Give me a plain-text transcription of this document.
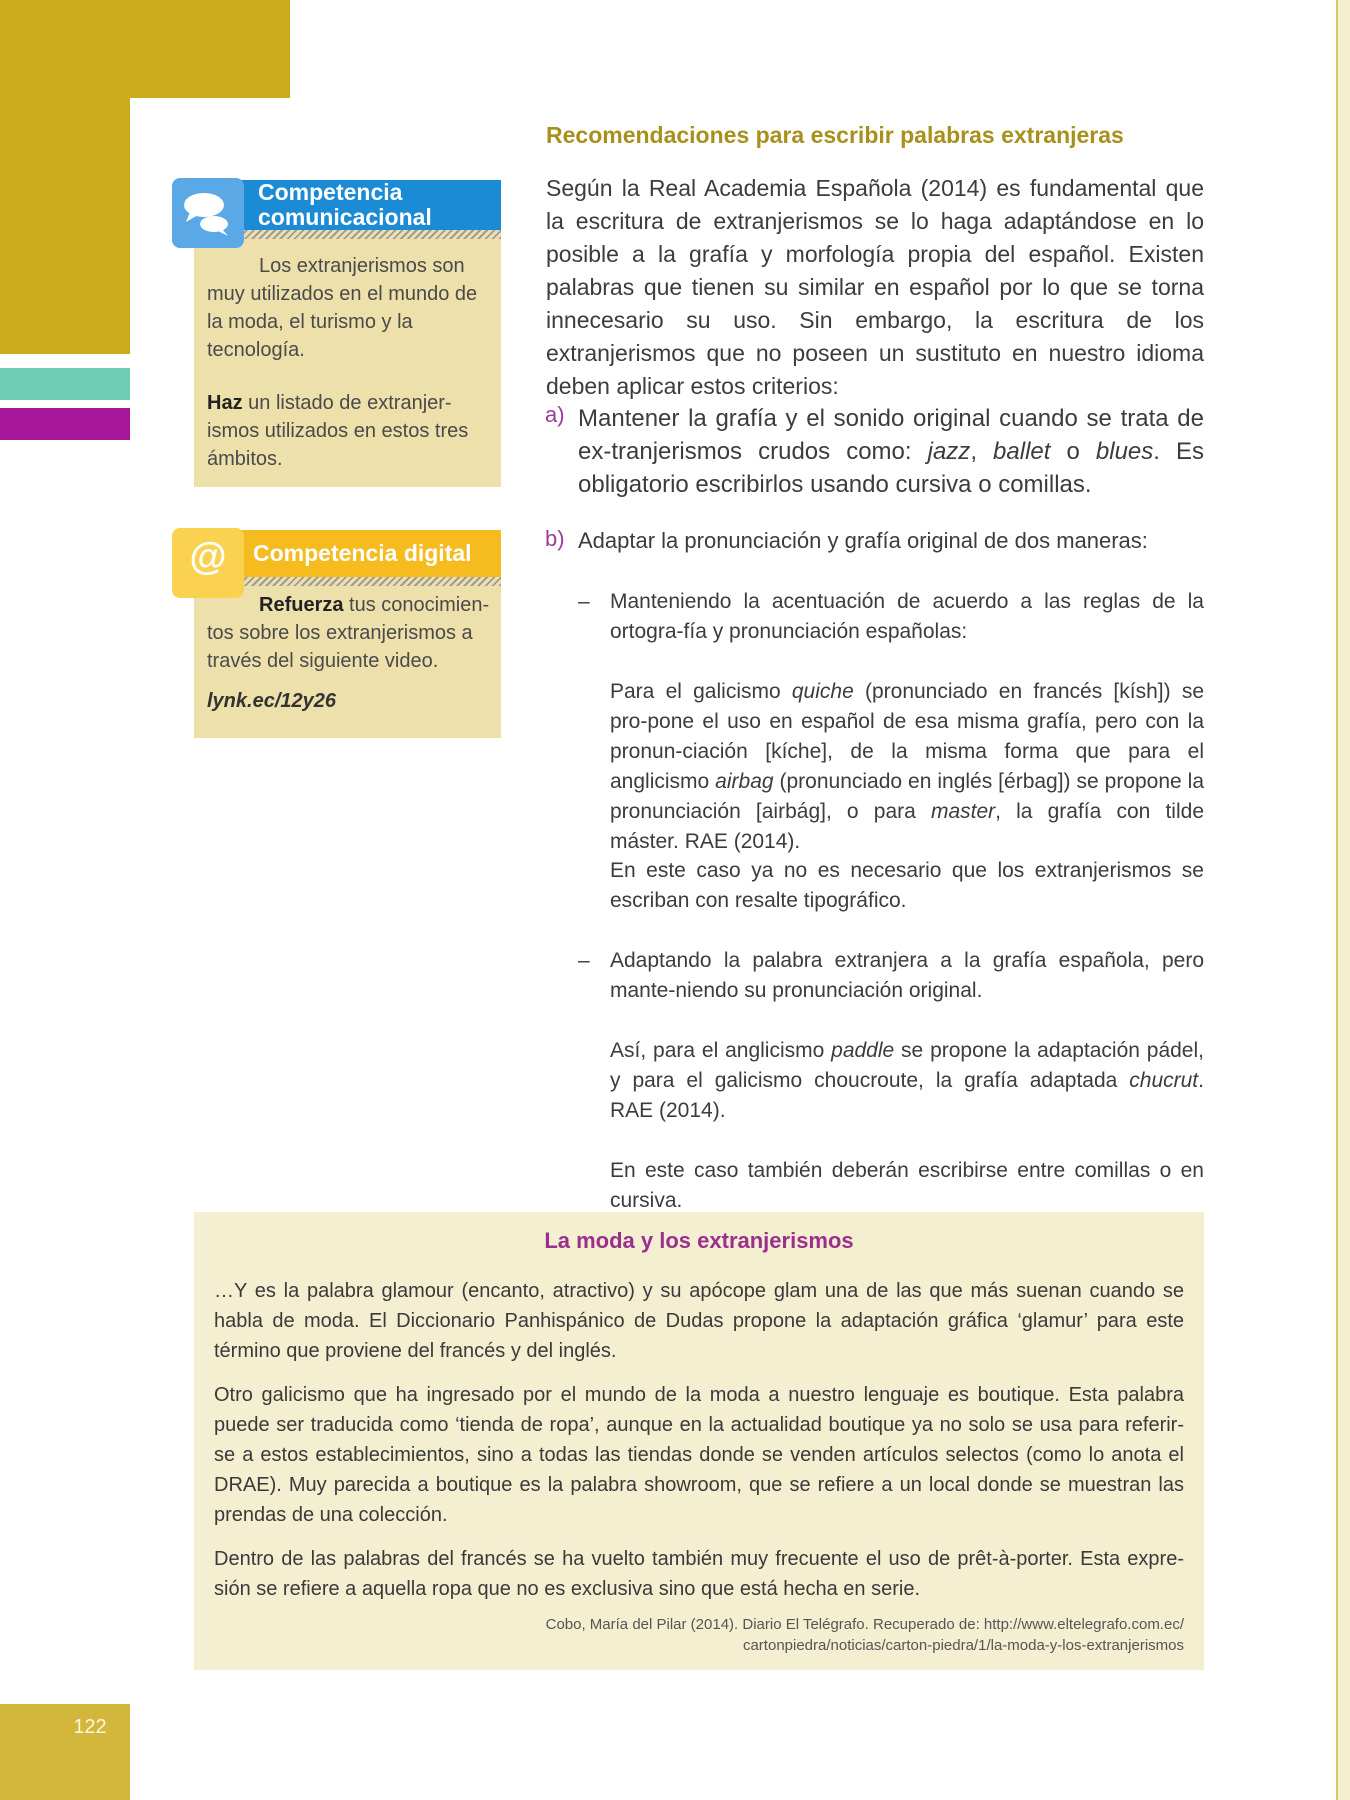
122
Competencia comunicacional
Los extranjerismos son muy utilizados en el mundo de la moda, el turismo y la tecnología.
Haz un listado de extranjer-ismos utilizados en estos tres ámbitos.
@	Competencia digital
Refuerza tus conocimien-tos sobre los extranjerismos a través del siguiente video.
lynk.ec/12y26
Recomendaciones para escribir palabras extranjeras
Según la Real Academia Española (2014) es fundamental que la escritura de extranjerismos se lo haga adaptándose en lo posible a la grafía y morfología propia del español. Existen palabras que tienen su similar en español por lo que se torna innecesario su uso. Sin embargo, la escritura de los extranjerismos que no poseen un sustituto en nuestro idioma deben aplicar estos criterios:
a) Mantener la grafía y el sonido original cuando se trata de ex-tranjerismos crudos como: jazz, ballet o blues. Es obligatorio escribirlos usando cursiva o comillas.
b) Adaptar la pronunciación y grafía original de dos maneras:
– Manteniendo la acentuación de acuerdo a las reglas de la ortogra-fía y pronunciación españolas:
Para el galicismo quiche (pronunciado en francés [kísh]) se pro-pone el uso en español de esa misma grafía, pero con la pronun-ciación [kíche], de la misma forma que para el anglicismo airbag (pronunciado en inglés [érbag]) se propone la pronunciación [airbág], o para master, la grafía con tilde máster. RAE (2014).
En este caso ya no es necesario que los extranjerismos se escriban con resalte tipográfico.
– Adaptando la palabra extranjera a la grafía española, pero mante-niendo su pronunciación original.
Así, para el anglicismo paddle se propone la adaptación pádel, y para el galicismo choucroute, la grafía adaptada chucrut. RAE (2014).
En este caso también deberán escribirse entre comillas o en cursiva.
La moda y los extranjerismos
…Y es la palabra glamour (encanto, atractivo) y su apócope glam una de las que más suenan cuando se habla de moda. El Diccionario Panhispánico de Dudas propone la adaptación gráfica ‘glamur’ para este término que proviene del francés y del inglés.
Otro galicismo que ha ingresado por el mundo de la moda a nuestro lenguaje es boutique. Esta palabra puede ser traducida como ‘tienda de ropa’, aunque en la actualidad boutique ya no solo se usa para referir-se a estos establecimientos, sino a todas las tiendas donde se venden artículos selectos (como lo anota el DRAE). Muy parecida a boutique es la palabra showroom, que se refiere a un local donde se muestran las prendas de una colección.
Dentro de las palabras del francés se ha vuelto también muy frecuente el uso de prêt-à-porter. Esta expre-sión se refiere a aquella ropa que no es exclusiva sino que está hecha en serie.
Cobo, María del Pilar (2014). Diario El Telégrafo. Recuperado de: http://www.eltelegrafo.com.ec/
cartonpiedra/noticias/carton-piedra/1/la-moda-y-los-extranjerismos
